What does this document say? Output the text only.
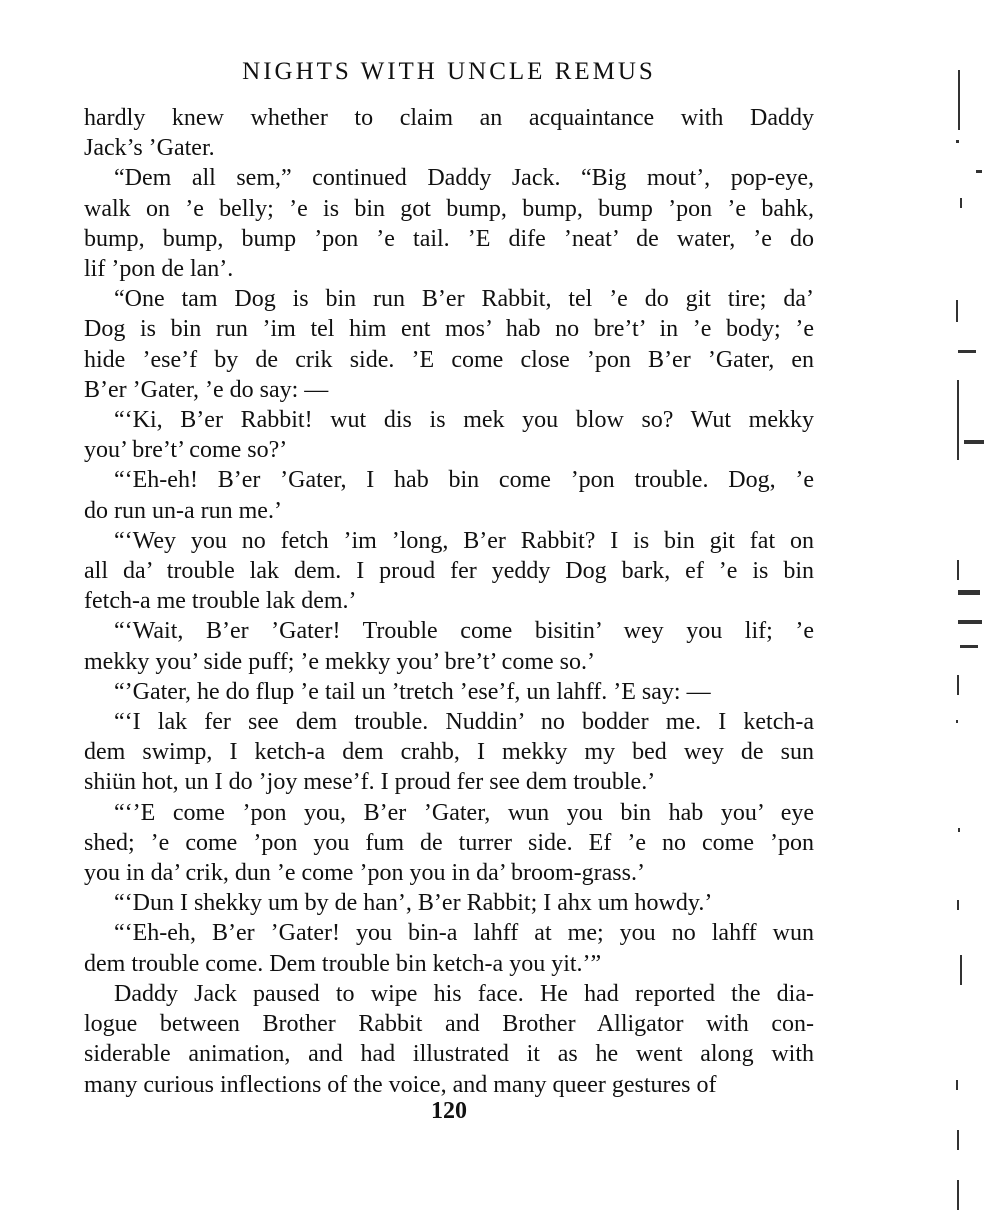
NIGHTS WITH UNCLE REMUS

hardly knew whether to claim an acquaintance with Daddy
Jack’s ’Gater.

“Dem all sem,” continued Daddy Jack. “Big mout’, pop-eye,
walk on ’e belly; ’e is bin got bump, bump, bump ’pon ’e bahk,
bump, bump, bump ’pon ’e tail. ’E dife ’neat’ de water, ’e do
lif ’pon de lan’.

“One tam Dog is bin run B’er Rabbit, tel ’e do git tire; da’
Dog is bin run ’im tel him ent mos’ hab no bre’t’ in ’e body; ’e
hide ’ese’f by de crik side. ’E come close ’pon B’er ’Gater, en
B’er ’Gater, ’e do say: —

“‘Ki, B’er Rabbit! wut dis is mek you blow so? Wut mekky
you’ bre’t’ come so?’

“‘Eh-eh! B’er ’Gater, I hab bin come ’pon trouble. Dog, ’e
do run un-a run me.’

“‘Wey you no fetch ’im ’long, B’er Rabbit? I is bin git fat on
all da’ trouble lak dem. I proud fer yeddy Dog bark, ef ’e is bin
fetch-a me trouble lak dem.’

“‘Wait, B’er ’Gater! Trouble come bisitin’ wey you lif; ’e
mekky you’ side puff; ’e mekky you’ bre’t’ come so.’

“’Gater, he do flup ’e tail un ’tretch ’ese’f, un lahff. ’E say: —

“‘I lak fer see dem trouble. Nuddin’ no bodder me. I ketch-a
dem swimp, I ketch-a dem crahb, I mekky my bed wey de sun
shiün hot, un I do ’joy mese’f. I proud fer see dem trouble.’

“‘’E come ’pon you, B’er ’Gater, wun you bin hab you’ eye
shed; ’e come ’pon you fum de turrer side. Ef ’e no come ’pon
you in da’ crik, dun ’e come ’pon you in da’ broom-grass.’

“‘Dun I shekky um by de han’, B’er Rabbit; I ahx um howdy.’

“‘Eh-eh, B’er ’Gater! you bin-a lahff at me; you no lahff wun
dem trouble come. Dem trouble bin ketch-a you yit.’”

Daddy Jack paused to wipe his face. He had reported the dia-
logue between Brother Rabbit and Brother Alligator with con-
siderable animation, and had illustrated it as he went along with
many curious inflections of the voice, and many queer gestures of

120
